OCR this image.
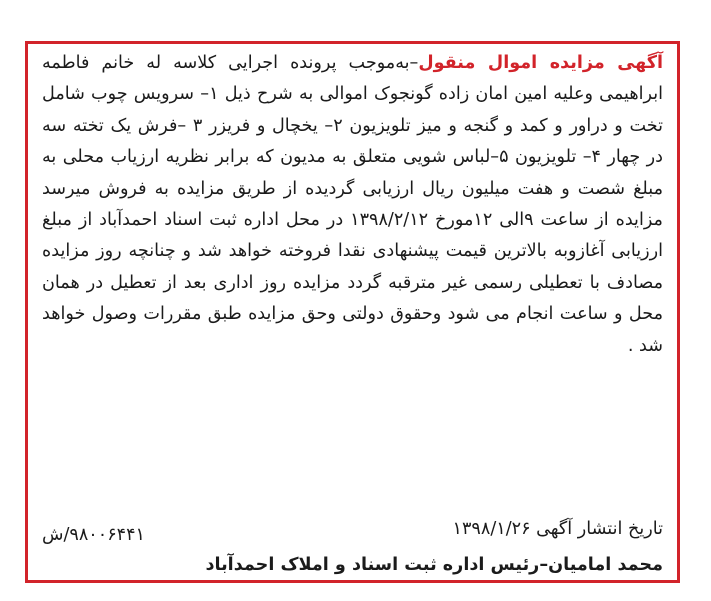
آگهی مزایده اموال منقول–به‌موجب پرونده اجرایی کلاسه له خانم فاطمه ابراهیمی وعلیه امین امان زاده گونجوک اموالی به شرح ذیل ۱– سرویس چوب شامل تخت و دراور و کمد و گنجه و میز تلویزیون ۲– یخچال و فریزر ۳ –فرش یک تخته سه در چهار ۴– تلویزیون ۵–لباس شویی متعلق به مدیون که برابر نظریه ارزیاب محلی به مبلغ شصت و هفت میلیون ریال ارزیابی گردیده از طریق مزایده به فروش میرسد مزایده از ساعت ۹الی ۱۲مورخ ۱۳۹۸/۲/۱۲ در محل اداره ثبت اسناد احمدآباد از مبلغ ارزیابی آغازوبه بالاترین قیمت پیشنهادی نقدا فروخته خواهد شد و چنانچه روز مزایده مصادف با تعطیلی رسمی غیر مترقبه گردد مزایده روز اداری بعد از تعطیل در همان محل و ساعت انجام می شود وحقوق دولتی وحق مزایده طبق مقررات وصول خواهد شد .
تاریخ انتشار آگهی ۱۳۹۸/۱/۲۶
۹۸۰۰۶۴۴۱/ش
محمد امامیان–رئیس اداره ثبت اسناد و املاک احمدآباد
